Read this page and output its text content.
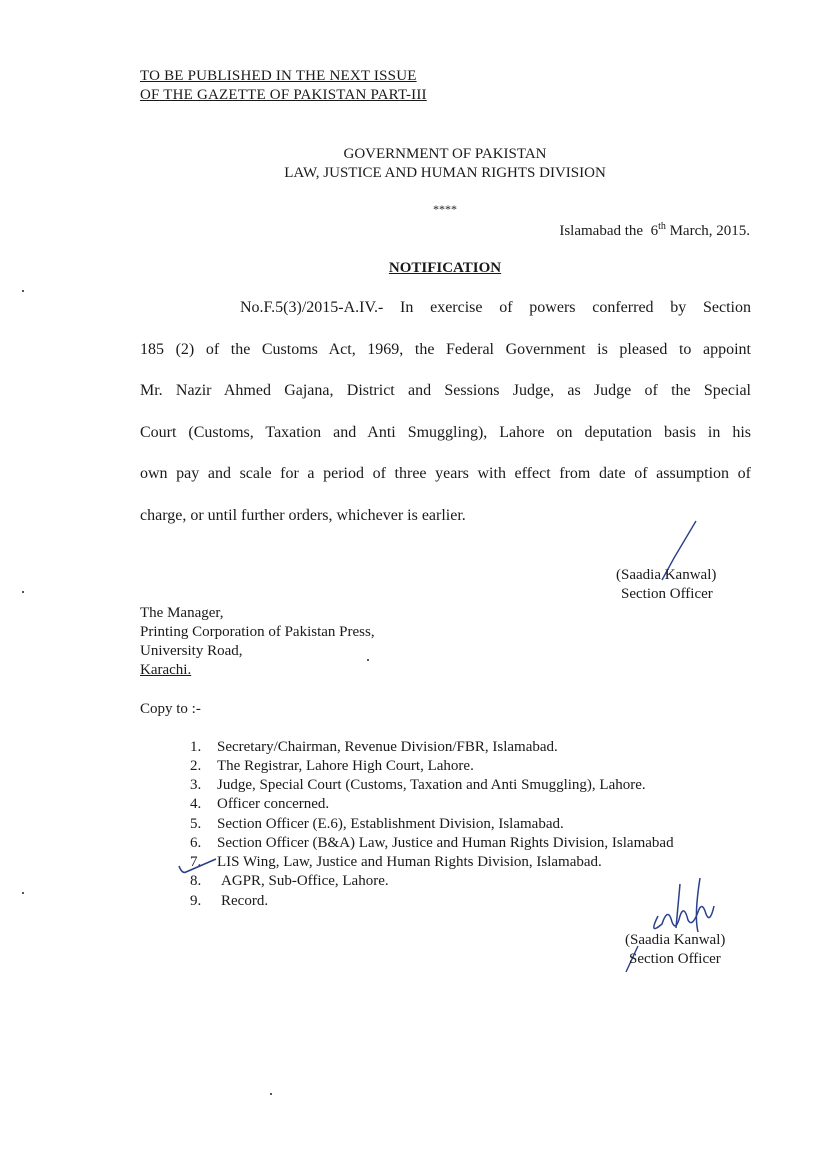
TO BE PUBLISHED IN THE NEXT ISSUE
OF THE GAZETTE OF PAKISTAN PART-III
GOVERNMENT OF PAKISTAN
LAW, JUSTICE AND HUMAN RIGHTS DIVISION
****
Islamabad the 6th March, 2015.
NOTIFICATION
No.F.5(3)/2015-A.IV.- In exercise of powers conferred by Section
185 (2) of the Customs Act, 1969, the Federal Government is pleased to appoint
Mr. Nazir Ahmed Gajana, District and Sessions Judge, as Judge of the Special
Court (Customs, Taxation and Anti Smuggling), Lahore on deputation basis in his
own pay and scale for a period of three years with effect from date of assumption of
charge, or until further orders, whichever is earlier.
(Saadia Kanwal)
Section Officer
The Manager,
Printing Corporation of Pakistan Press,
University Road,
Karachi.
Copy to :-
1. Secretary/Chairman, Revenue Division/FBR, Islamabad.
2. The Registrar, Lahore High Court, Lahore.
3. Judge, Special Court (Customs, Taxation and Anti Smuggling), Lahore.
4. Officer concerned.
5. Section Officer (E.6), Establishment Division, Islamabad.
6. Section Officer (B&A) Law, Justice and Human Rights Division, Islamabad
7. LIS Wing, Law, Justice and Human Rights Division, Islamabad.
8. AGPR, Sub-Office, Lahore.
9. Record.
(Saadia Kanwal)
Section Officer
